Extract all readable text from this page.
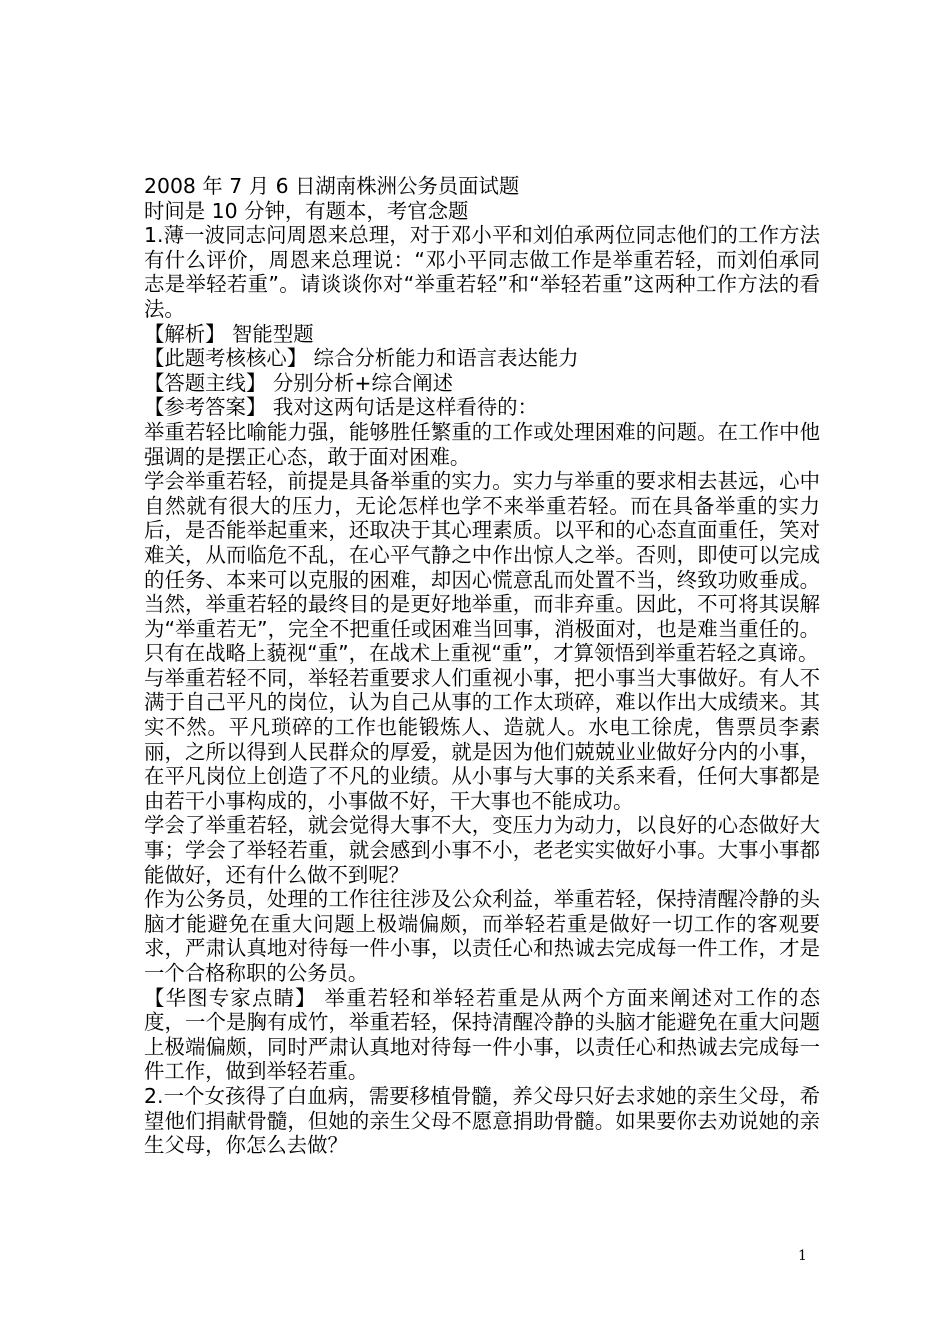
2008 年 7 月 6 日湖南株洲公务员面试题
时间是 10 分钟，有题本，考官念题
1.薄一波同志问周恩来总理，对于邓小平和刘伯承两位同志他们的工作方法有什么评价，周恩来总理说：“邓小平同志做工作是举重若轻，而刘伯承同志是举轻若重”。请谈谈你对“举重若轻”和“举轻若重”这两种工作方法的看法。
【解析】 智能型题
【此题考核核心】 综合分析能力和语言表达能力
【答题主线】 分别分析+综合阐述
【参考答案】 我对这两句话是这样看待的：
举重若轻比喻能力强，能够胜任繁重的工作或处理困难的问题。在工作中他强调的是摆正心态，敢于面对困难。
学会举重若轻，前提是具备举重的实力。实力与举重的要求相去甚远，心中自然就有很大的压力，无论怎样也学不来举重若轻。而在具备举重的实力后，是否能举起重来，还取决于其心理素质。以平和的心态直面重任，笑对难关，从而临危不乱，在心平气静之中作出惊人之举。否则，即使可以完成的任务、本来可以克服的困难，却因心慌意乱而处置不当，终致功败垂成。当然，举重若轻的最终目的是更好地举重，而非弃重。因此，不可将其误解为“举重若无”，完全不把重任或困难当回事，消极面对，也是难当重任的。只有在战略上藐视“重”，在战术上重视“重”，才算领悟到举重若轻之真谛。
与举重若轻不同，举轻若重要求人们重视小事，把小事当大事做好。有人不满于自己平凡的岗位，认为自己从事的工作太琐碎，难以作出大成绩来。其实不然。平凡琐碎的工作也能锻炼人、造就人。水电工徐虎，售票员李素丽，之所以得到人民群众的厚爱，就是因为他们兢兢业业做好分内的小事，在平凡岗位上创造了不凡的业绩。从小事与大事的关系来看，任何大事都是由若干小事构成的，小事做不好，干大事也不能成功。
学会了举重若轻，就会觉得大事不大，变压力为动力，以良好的心态做好大事；学会了举轻若重，就会感到小事不小，老老实实做好小事。大事小事都能做好，还有什么做不到呢？
作为公务员，处理的工作往往涉及公众利益，举重若轻，保持清醒冷静的头脑才能避免在重大问题上极端偏颇，而举轻若重是做好一切工作的客观要求，严肃认真地对待每一件小事，以责任心和热诚去完成每一件工作，才是一个合格称职的公务员。
【华图专家点睛】 举重若轻和举轻若重是从两个方面来阐述对工作的态度，一个是胸有成竹，举重若轻，保持清醒冷静的头脑才能避免在重大问题上极端偏颇，同时严肃认真地对待每一件小事，以责任心和热诚去完成每一件工作，做到举轻若重。
2.一个女孩得了白血病，需要移植骨髓，养父母只好去求她的亲生父母，希望他们捐献骨髓，但她的亲生父母不愿意捐助骨髓。如果要你去劝说她的亲生父母，你怎么去做？
1
